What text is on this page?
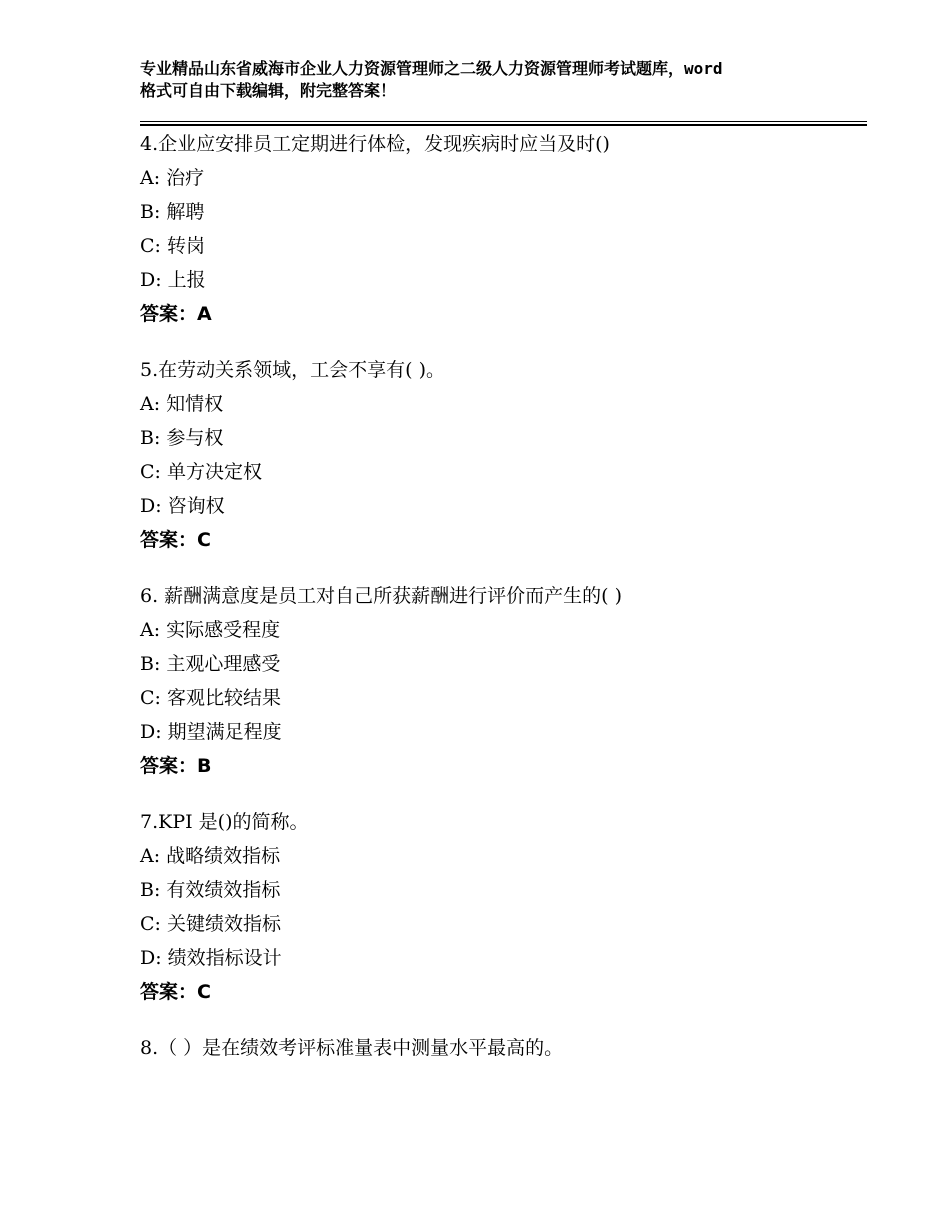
专业精品山东省威海市企业人力资源管理师之二级人力资源管理师考试题库，word
格式可自由下载编辑，附完整答案！
4.企业应安排员工定期进行体检，发现疾病时应当及时()
A: 治疗
B: 解聘
C: 转岗
D: 上报
答案：A
5.在劳动关系领域，工会不享有( )。
A: 知情权
B: 参与权
C: 单方决定权
D: 咨询权
答案：C
6. 薪酬满意度是员工对自己所获薪酬进行评价而产生的( )
A: 实际感受程度
B: 主观心理感受
C: 客观比较结果
D: 期望满足程度
答案：B
7.KPI 是()的简称。
A: 战略绩效指标
B: 有效绩效指标
C: 关键绩效指标
D: 绩效指标设计
答案：C
8.（ ）是在绩效考评标准量表中测量水平最高的。
